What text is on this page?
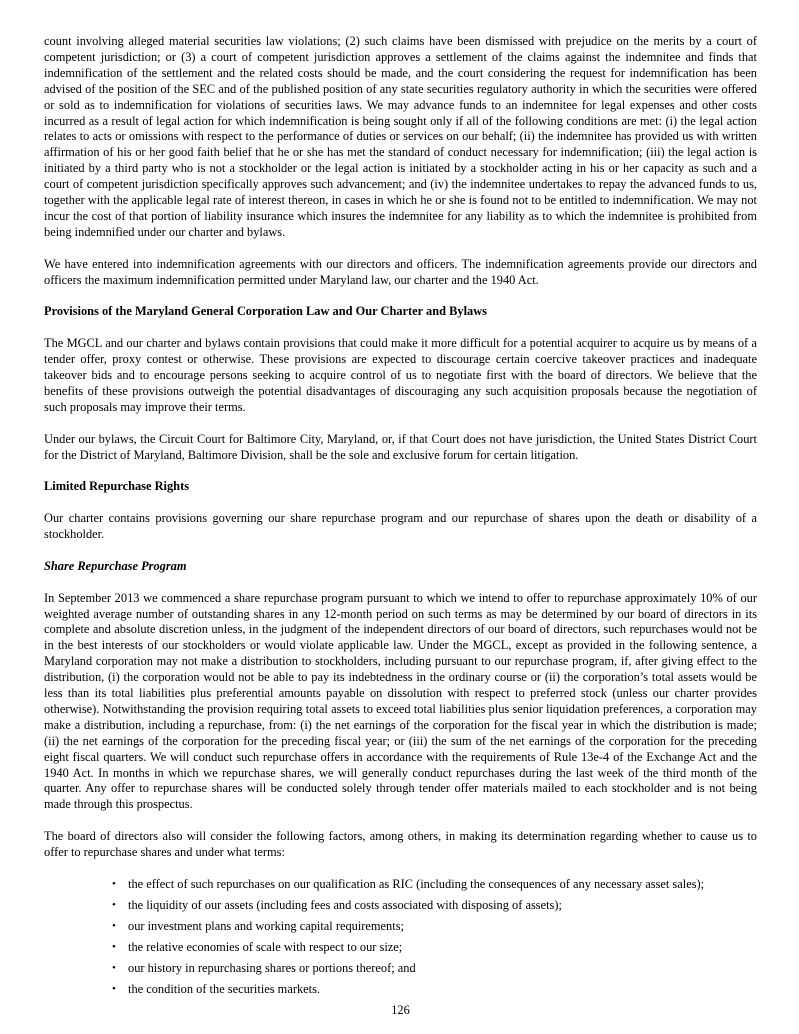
count involving alleged material securities law violations; (2) such claims have been dismissed with prejudice on the merits by a court of competent jurisdiction; or (3) a court of competent jurisdiction approves a settlement of the claims against the indemnitee and finds that indemnification of the settlement and the related costs should be made, and the court considering the request for indemnification has been advised of the position of the SEC and of the published position of any state securities regulatory authority in which the securities were offered or sold as to indemnification for violations of securities laws. We may advance funds to an indemnitee for legal expenses and other costs incurred as a result of legal action for which indemnification is being sought only if all of the following conditions are met: (i) the legal action relates to acts or omissions with respect to the performance of duties or services on our behalf; (ii) the indemnitee has provided us with written affirmation of his or her good faith belief that he or she has met the standard of conduct necessary for indemnification; (iii) the legal action is initiated by a third party who is not a stockholder or the legal action is initiated by a stockholder acting in his or her capacity as such and a court of competent jurisdiction specifically approves such advancement; and (iv) the indemnitee undertakes to repay the advanced funds to us, together with the applicable legal rate of interest thereon, in cases in which he or she is found not to be entitled to indemnification. We may not incur the cost of that portion of liability insurance which insures the indemnitee for any liability as to which the indemnitee is prohibited from being indemnified under our charter and bylaws.

We have entered into indemnification agreements with our directors and officers. The indemnification agreements provide our directors and officers the maximum indemnification permitted under Maryland law, our charter and the 1940 Act.

Provisions of the Maryland General Corporation Law and Our Charter and Bylaws

The MGCL and our charter and bylaws contain provisions that could make it more difficult for a potential acquirer to acquire us by means of a tender offer, proxy contest or otherwise. These provisions are expected to discourage certain coercive takeover practices and inadequate takeover bids and to encourage persons seeking to acquire control of us to negotiate first with the board of directors. We believe that the benefits of these provisions outweigh the potential disadvantages of discouraging any such acquisition proposals because the negotiation of such proposals may improve their terms.

Under our bylaws, the Circuit Court for Baltimore City, Maryland, or, if that Court does not have jurisdiction, the United States District Court for the District of Maryland, Baltimore Division, shall be the sole and exclusive forum for certain litigation.

Limited Repurchase Rights

Our charter contains provisions governing our share repurchase program and our repurchase of shares upon the death or disability of a stockholder.

Share Repurchase Program

In September 2013 we commenced a share repurchase program pursuant to which we intend to offer to repurchase approximately 10% of our weighted average number of outstanding shares in any 12-month period on such terms as may be determined by our board of directors in its complete and absolute discretion unless, in the judgment of the independent directors of our board of directors, such repurchases would not be in the best interests of our stockholders or would violate applicable law. Under the MGCL, except as provided in the following sentence, a Maryland corporation may not make a distribution to stockholders, including pursuant to our repurchase program, if, after giving effect to the distribution, (i) the corporation would not be able to pay its indebtedness in the ordinary course or (ii) the corporation’s total assets would be less than its total liabilities plus preferential amounts payable on dissolution with respect to preferred stock (unless our charter provides otherwise). Notwithstanding the provision requiring total assets to exceed total liabilities plus senior liquidation preferences, a corporation may make a distribution, including a repurchase, from: (i) the net earnings of the corporation for the fiscal year in which the distribution is made; (ii) the net earnings of the corporation for the preceding fiscal year; or (iii) the sum of the net earnings of the corporation for the preceding eight fiscal quarters. We will conduct such repurchase offers in accordance with the requirements of Rule 13e-4 of the Exchange Act and the 1940 Act. In months in which we repurchase shares, we will generally conduct repurchases during the last week of the third month of the quarter. Any offer to repurchase shares will be conducted solely through tender offer materials mailed to each stockholder and is not being made through this prospectus.

The board of directors also will consider the following factors, among others, in making its determination regarding whether to cause us to offer to repurchase shares and under what terms:

• the effect of such repurchases on our qualification as RIC (including the consequences of any necessary asset sales);
• the liquidity of our assets (including fees and costs associated with disposing of assets);
• our investment plans and working capital requirements;
• the relative economies of scale with respect to our size;
• our history in repurchasing shares or portions thereof; and
• the condition of the securities markets.
126
